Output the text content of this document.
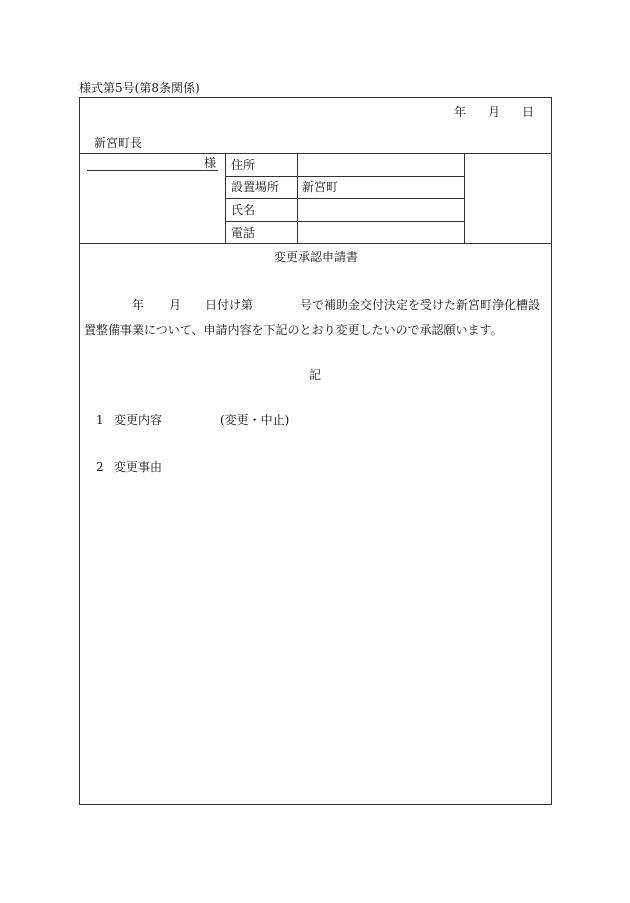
様式第5号(第8条関係)
年 月 日
新宮町長
様 住所
設置場所 新宮町
氏名
電話
変更承認申請書
年 月 日付け第	号で補助金交付決定を受けた新宮町浄化槽設
置整備事業について、申請内容を下記のとおり変更したいので承認願います。
記
1 変更内容	(変更・中止)
2 変更事由
